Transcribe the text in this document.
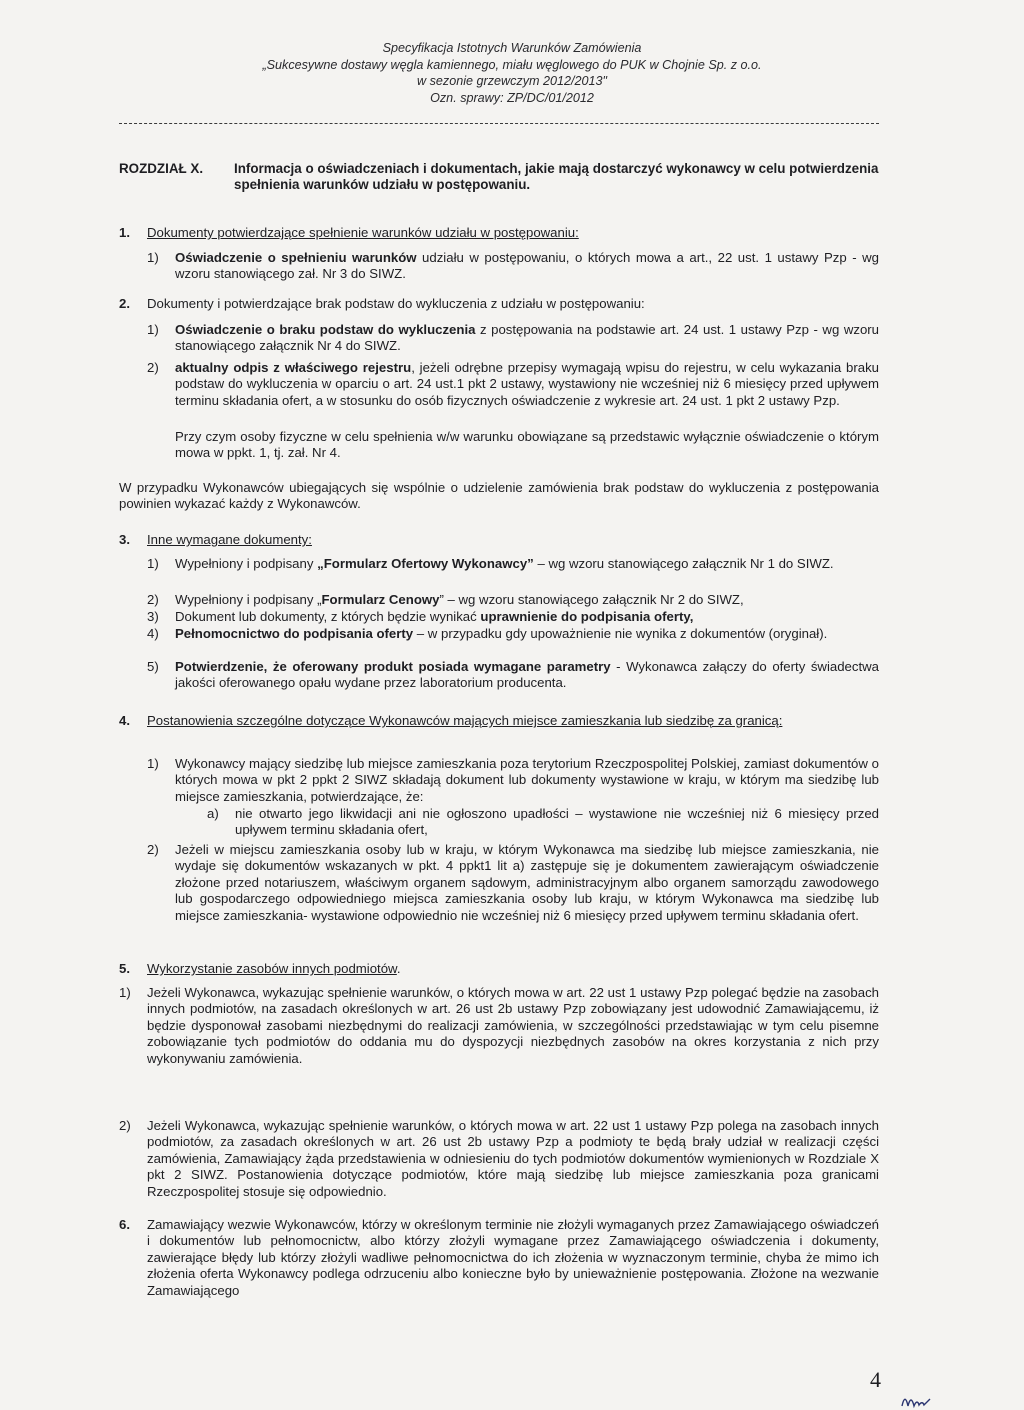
Specyfikacja Istotnych Warunków Zamówienia
„Sukcesywne dostawy węgla kamiennego, miału węglowego do PUK w Chojnie Sp. z o.o.
w sezonie grzewczym 2012/2013"
Ozn. sprawy: ZP/DC/01/2012
ROZDZIAŁ X.	Informacja o oświadczeniach i dokumentach, jakie mają dostarczyć wykonawcy w celu potwierdzenia spełnienia warunków udziału w postępowaniu.
1. Dokumenty potwierdzające spełnienie warunków udziału w postępowaniu:
1) Oświadczenie o spełnieniu warunków udziału w postępowaniu, o których mowa a art., 22 ust. 1 ustawy Pzp - wg wzoru stanowiącego zał. Nr 3 do SIWZ.
2. Dokumenty i potwierdzające brak podstaw do wykluczenia z udziału w postępowaniu:
1) Oświadczenie o braku podstaw do wykluczenia z postępowania na podstawie art. 24 ust. 1 ustawy Pzp - wg wzoru stanowiącego załącznik Nr 4 do SIWZ.
2) aktualny odpis z właściwego rejestru, jeżeli odrębne przepisy wymagają wpisu do rejestru, w celu wykazania braku podstaw do wykluczenia w oparciu o art. 24 ust.1 pkt 2 ustawy, wystawiony nie wcześniej niż 6 miesięcy przed upływem terminu składania ofert, a w stosunku do osób fizycznych oświadczenie z wykresie art. 24 ust. 1 pkt 2 ustawy Pzp.
Przy czym osoby fizyczne w celu spełnienia w/w warunku obowiązane są przedstawic wyłącznie oświadczenie o którym mowa w ppkt. 1, tj. zał. Nr 4.
W przypadku Wykonawców ubiegających się wspólnie o udzielenie zamówienia brak podstaw do wykluczenia z postępowania powinien wykazać każdy z Wykonawców.
3. Inne wymagane dokumenty:
1) Wypełniony i podpisany „Formularz Ofertowy Wykonawcy” – wg wzoru stanowiącego załącznik Nr 1 do SIWZ.
2) Wypełniony i podpisany „Formularz Cenowy” – wg wzoru stanowiącego załącznik Nr 2 do SIWZ,
3) Dokument lub dokumenty, z których będzie wynikać uprawnienie do podpisania oferty,
4) Pełnomocnictwo do podpisania oferty – w przypadku gdy upoważnienie nie wynika z dokumentów (oryginał).
5) Potwierdzenie, że oferowany produkt posiada wymagane parametry - Wykonawca załączy do oferty świadectwa jakości oferowanego opału wydane przez laboratorium producenta.
4. Postanowienia szczególne dotyczące Wykonawców mających miejsce zamieszkania lub siedzibę za granicą:
1) Wykonawcy mający siedzibę lub miejsce zamieszkania poza terytorium Rzeczpospolitej Polskiej, zamiast dokumentów o których mowa w pkt 2 ppkt 2 SIWZ składają dokument lub dokumenty wystawione w kraju, w którym ma siedzibę lub miejsce zamieszkania, potwierdzające, że:
a) nie otwarto jego likwidacji ani nie ogłoszono upadłości – wystawione nie wcześniej niż 6 miesięcy przed upływem terminu składania ofert,
2) Jeżeli w miejscu zamieszkania osoby lub w kraju, w którym Wykonawca ma siedzibę lub miejsce zamieszkania, nie wydaje się dokumentów wskazanych w pkt. 4 ppkt1 lit a) zastępuje się je dokumentem zawierającym oświadczenie złożone przed notariuszem, właściwym organem sądowym, administracyjnym albo organem samorządu zawodowego lub gospodarczego odpowiedniego miejsca zamieszkania osoby lub kraju, w którym Wykonawca ma siedzibę lub miejsce zamieszkania- wystawione odpowiednio nie wcześniej niż 6 miesięcy przed upływem terminu składania ofert.
5. Wykorzystanie zasobów innych podmiotów.
1) Jeżeli Wykonawca, wykazując spełnienie warunków, o których mowa w art. 22 ust 1 ustawy Pzp polegać będzie na zasobach innych podmiotów, na zasadach określonych w art. 26 ust 2b ustawy Pzp zobowiązany jest udowodnić Zamawiającemu, iż będzie dysponował zasobami niezbędnymi do realizacji zamówienia, w szczególności przedstawiając w tym celu pisemne zobowiązanie tych podmiotów do oddania mu do dyspozycji niezbędnych zasobów na okres korzystania z nich przy wykonywaniu zamówienia.
2) Jeżeli Wykonawca, wykazując spełnienie warunków, o których mowa w art. 22 ust 1 ustawy Pzp polega na zasobach innych podmiotów, za zasadach określonych w art. 26 ust 2b ustawy Pzp a podmioty te będą brały udział w realizacji części zamówienia, Zamawiający żąda przedstawienia w odniesieniu do tych podmiotów dokumentów wymienionych w Rozdziale X pkt 2 SIWZ. Postanowienia dotyczące podmiotów, które mają siedzibę lub miejsce zamieszkania poza granicami Rzeczpospolitej stosuje się odpowiednio.
6. Zamawiający wezwie Wykonawców, którzy w określonym terminie nie złożyli wymaganych przez Zamawiającego oświadczeń i dokumentów lub pełnomocnictw, albo którzy złożyli wymagane przez Zamawiającego oświadczenia i dokumenty, zawierające błędy lub którzy złożyli wadliwe pełnomocnictwa do ich złożenia w wyznaczonym terminie, chyba że mimo ich złożenia oferta Wykonawcy podlega odrzuceniu albo konieczne było by unieważnienie postępowania. Złożone na wezwanie Zamawiającego
4
